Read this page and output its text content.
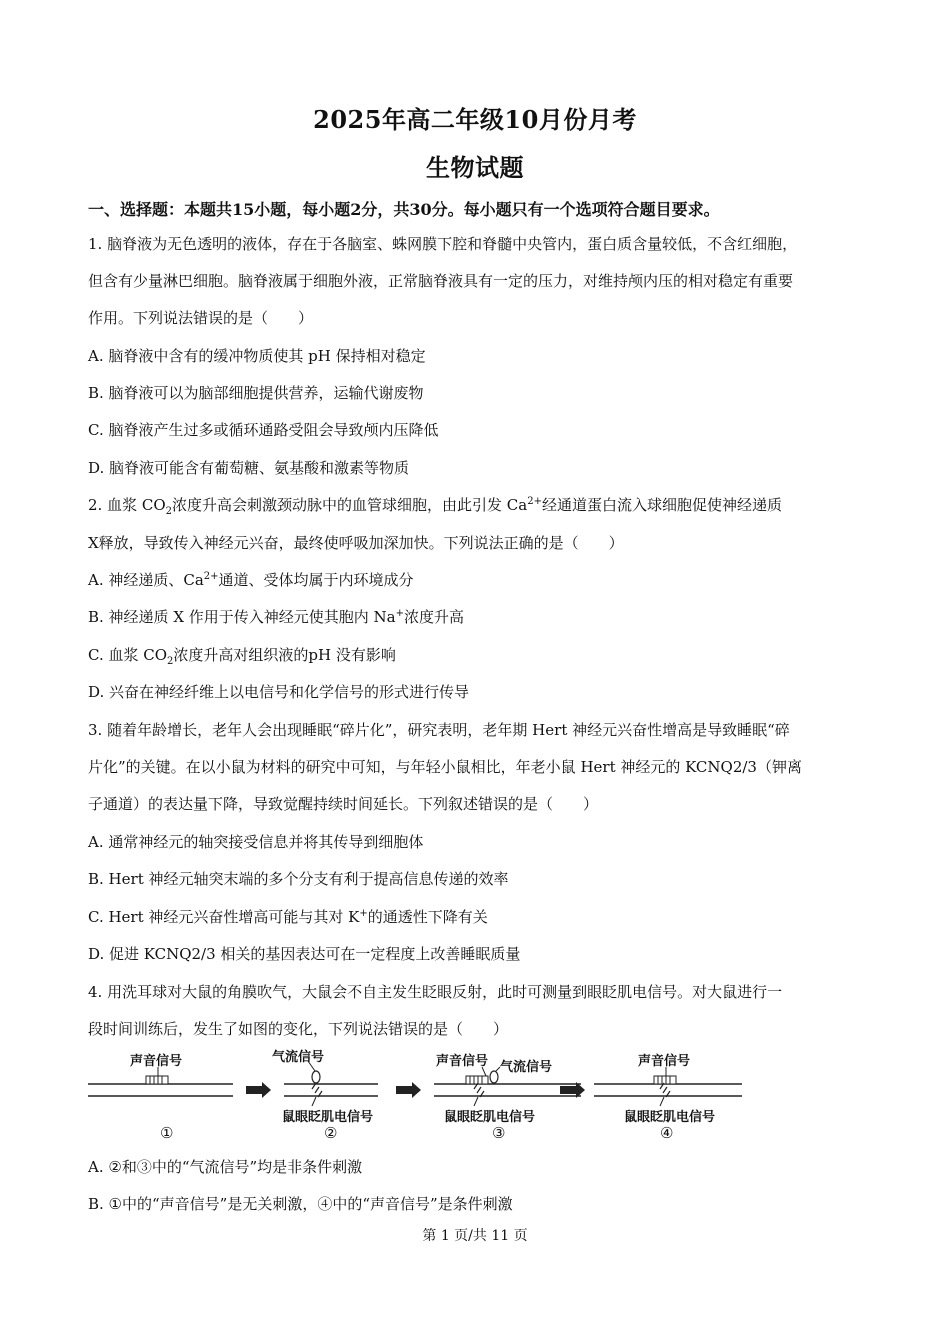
2025年高二年级10月份月考
生物试题
一、选择题：本题共15小题，每小题2分，共30分。每小题只有一个选项符合题目要求。
1. 脑脊液为无色透明的液体，存在于各脑室、蛛网膜下腔和脊髓中央管内，蛋白质含量较低，不含红细胞，
但含有少量淋巴细胞。脑脊液属于细胞外液，正常脑脊液具有一定的压力，对维持颅内压的相对稳定有重要
作用。下列说法错误的是（　　）
A. 脑脊液中含有的缓冲物质使其 pH 保持相对稳定
B. 脑脊液可以为脑部细胞提供营养，运输代谢废物
C. 脑脊液产生过多或循环通路受阻会导致颅内压降低
D. 脑脊液可能含有葡萄糖、氨基酸和激素等物质
2. 血浆 $CO_2$浓度升高会刺激颈动脉中的血管球细胞，由此引发 $Ca^{2+}$经通道蛋白流入球细胞促使神经递质
X释放，导致传入神经元兴奋，最终使呼吸加深加快。下列说法正确的是（　　）
A. 神经递质、$Ca^{2+}$通道、受体均属于内环境成分
B. 神经递质 X 作用于传入神经元使其胞内 Na+浓度升高
C. 血浆 $CO_2$浓度升高对组织液的pH 没有影响
D. 兴奋在神经纤维上以电信号和化学信号的形式进行传导
3. 随着年龄增长，老年人会出现睡眠“碎片化”，研究表明，老年期 Hert 神经元兴奋性增高是导致睡眠“碎
片化”的关键。在以小鼠为材料的研究中可知，与年轻小鼠相比，年老小鼠 Hert 神经元的 KCNQ2/3（钾离
子通道）的表达量下降，导致觉醒持续时间延长。下列叙述错误的是（　　）
A. 通常神经元的轴突接受信息并将其传导到细胞体
B. Hert 神经元轴突末端的多个分支有利于提高信息传递的效率
C. Hert 神经元兴奋性增高可能与其对 K+的通透性下降有关
D. 促进 KCNQ2/3 相关的基因表达可在一定程度上改善睡眠质量
4. 用洗耳球对大鼠的角膜吹气，大鼠会不自主发生眨眼反射，此时可测量到眼眨肌电信号。对大鼠进行一
段时间训练后，发生了如图的变化，下列说法错误的是（　　）
声音信号	气流信号
鼠眼眨肌电信号
声音信号 气流信号
鼠眼眨肌电信号
声音信号
鼠眼眨肌电信号
①	②	③	④
A. ②和③中的“气流信号”均是非条件刺激
B. ①中的“声音信号”是无关刺激，④中的“声音信号”是条件刺激
第 1 页/共 11 页
